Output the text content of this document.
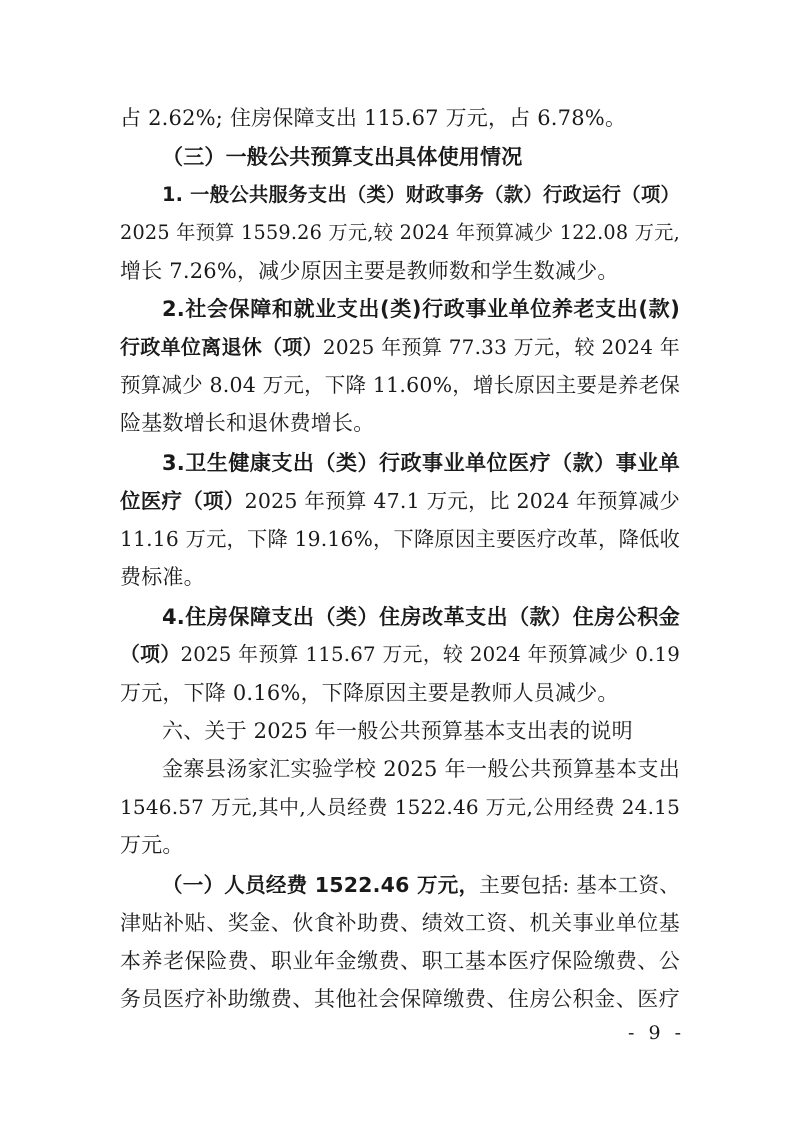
占 2.62%; 住房保障支出 115.67 万元，占 6.78%。
（三）一般公共预算支出具体使用情况
1. 一般公共服务支出（类）财政事务（款）行政运行（项）
2025 年预算 1559.26 万元,较 2024 年预算减少 122.08 万元,
增长 7.26%，减少原因主要是教师数和学生数减少。
2.社会保障和就业支出(类)行政事业单位养老支出(款)
行政单位离退休（项）2025 年预算 77.33 万元，较 2024 年
预算减少 8.04 万元，下降 11.60%，增长原因主要是养老保
险基数增长和退休费增长。
3.卫生健康支出（类）行政事业单位医疗（款）事业单
位医疗（项）2025 年预算 47.1 万元，比 2024 年预算减少
11.16 万元，下降 19.16%，下降原因主要医疗改革，降低收
费标准。
4.住房保障支出（类）住房改革支出（款）住房公积金
（项）2025 年预算 115.67 万元，较 2024 年预算减少 0.19
万元，下降 0.16%，下降原因主要是教师人员减少。
六、关于 2025 年一般公共预算基本支出表的说明
金寨县汤家汇实验学校 2025 年一般公共预算基本支出
1546.57 万元,其中,人员经费 1522.46 万元,公用经费 24.15
万元。
（一）人员经费 1522.46 万元，主要包括: 基本工资、
津贴补贴、奖金、伙食补助费、绩效工资、机关事业单位基
本养老保险费、职业年金缴费、职工基本医疗保险缴费、公
务员医疗补助缴费、其他社会保障缴费、住房公积金、医疗
- 9 -
